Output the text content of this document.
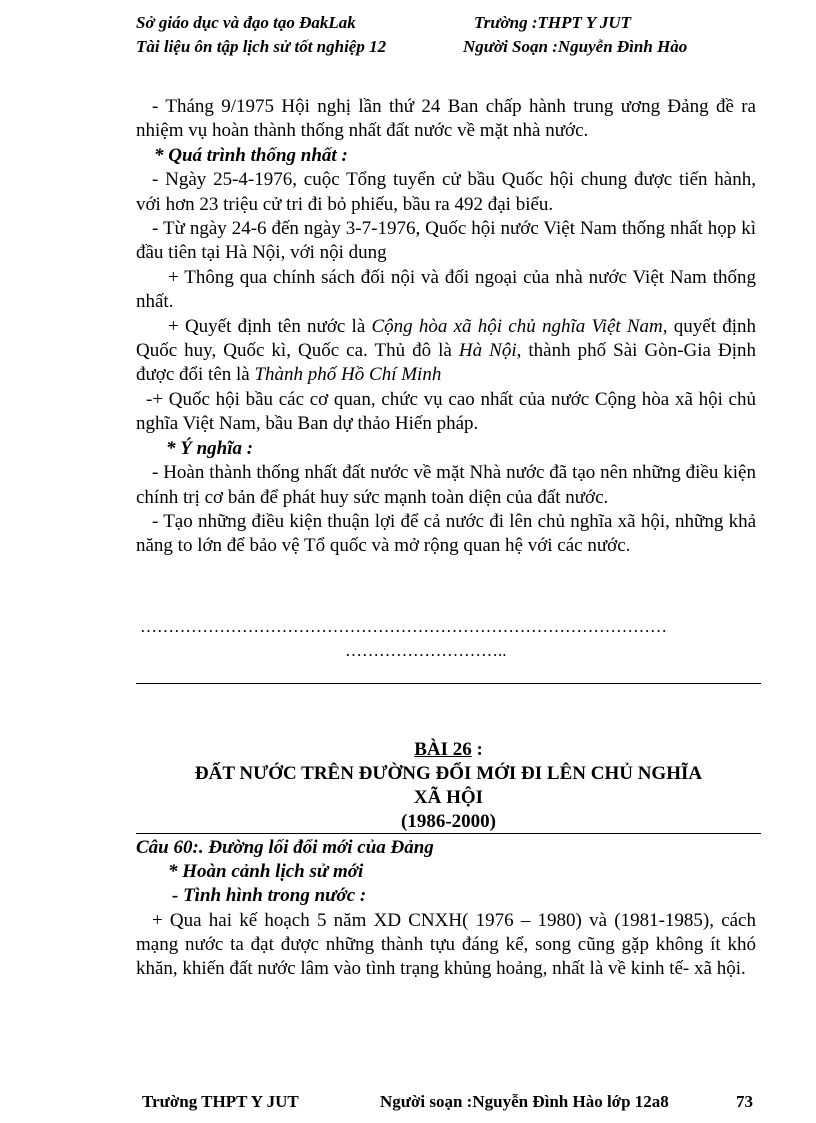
Sở giáo dục và đạo tạo ĐakLak	Trường :THPT Y JUT
Tài liệu ôn tập lịch sử tốt nghiệp 12	Người Soạn :Nguyễn Đình Hào

- Tháng 9/1975 Hội nghị lần thứ 24 Ban chấp hành trung ương Đảng đề ra nhiệm vụ hoàn thành thống nhất đất nước về mặt nhà nước.

* Quá trình thống nhất :

- Ngày 25-4-1976, cuộc Tổng tuyển cử bầu Quốc hội chung được tiến hành, với hơn 23 triệu cử tri đi bỏ phiếu, bầu ra 492 đại biểu.

- Từ ngày 24-6 đến ngày 3-7-1976, Quốc hội nước Việt Nam thống nhất họp kì đầu tiên tại Hà Nội, với nội dung

+ Thông qua chính sách đối nội và đối ngoại của nhà nước Việt Nam thống nhất.

+ Quyết định tên nước là Cộng hòa xã hội chủ nghĩa Việt Nam, quyết định Quốc huy, Quốc kì, Quốc ca. Thủ đô là Hà Nội, thành phố Sài Gòn-Gia Định được đổi tên là Thành phố Hồ Chí Minh

-+ Quốc hội bầu các cơ quan, chức vụ cao nhất của nước Cộng hòa xã hội chủ nghĩa Việt Nam, bầu Ban dự thảo Hiến pháp.

* Ý nghĩa :

- Hoàn thành thống nhất đất nước về mặt Nhà nước đã tạo nên những điều kiện chính trị cơ bản để phát huy sức mạnh toàn diện của đất nước.

- Tạo những điều kiện thuận lợi để cả nước đi lên chủ nghĩa xã hội, những khả năng to lớn để bảo vệ Tổ quốc và mở rộng quan hệ với các nước.

…………………………………………………………………………………
………………………..
BÀI 26 :
ĐẤT NƯỚC TRÊN ĐƯỜNG ĐỔI MỚI ĐI LÊN CHỦ NGHĨA
XÃ HỘI
(1986-2000)

Câu 60:. Đường lối đổi mới của Đảng

* Hoàn cảnh lịch sử mới

- Tình hình trong nước :

+ Qua hai kế hoạch 5 năm XD CNXH( 1976 – 1980) và (1981-1985), cách mạng nước ta đạt được những thành tựu đáng kể, song cũng gặp không ít khó khăn, khiến đất nước lâm vào tình trạng khủng hoảng, nhất là về kinh tế- xã hội.

Trường THPT Y JUT	Người soạn :Nguyễn Đình Hào lớp 12a8	73
